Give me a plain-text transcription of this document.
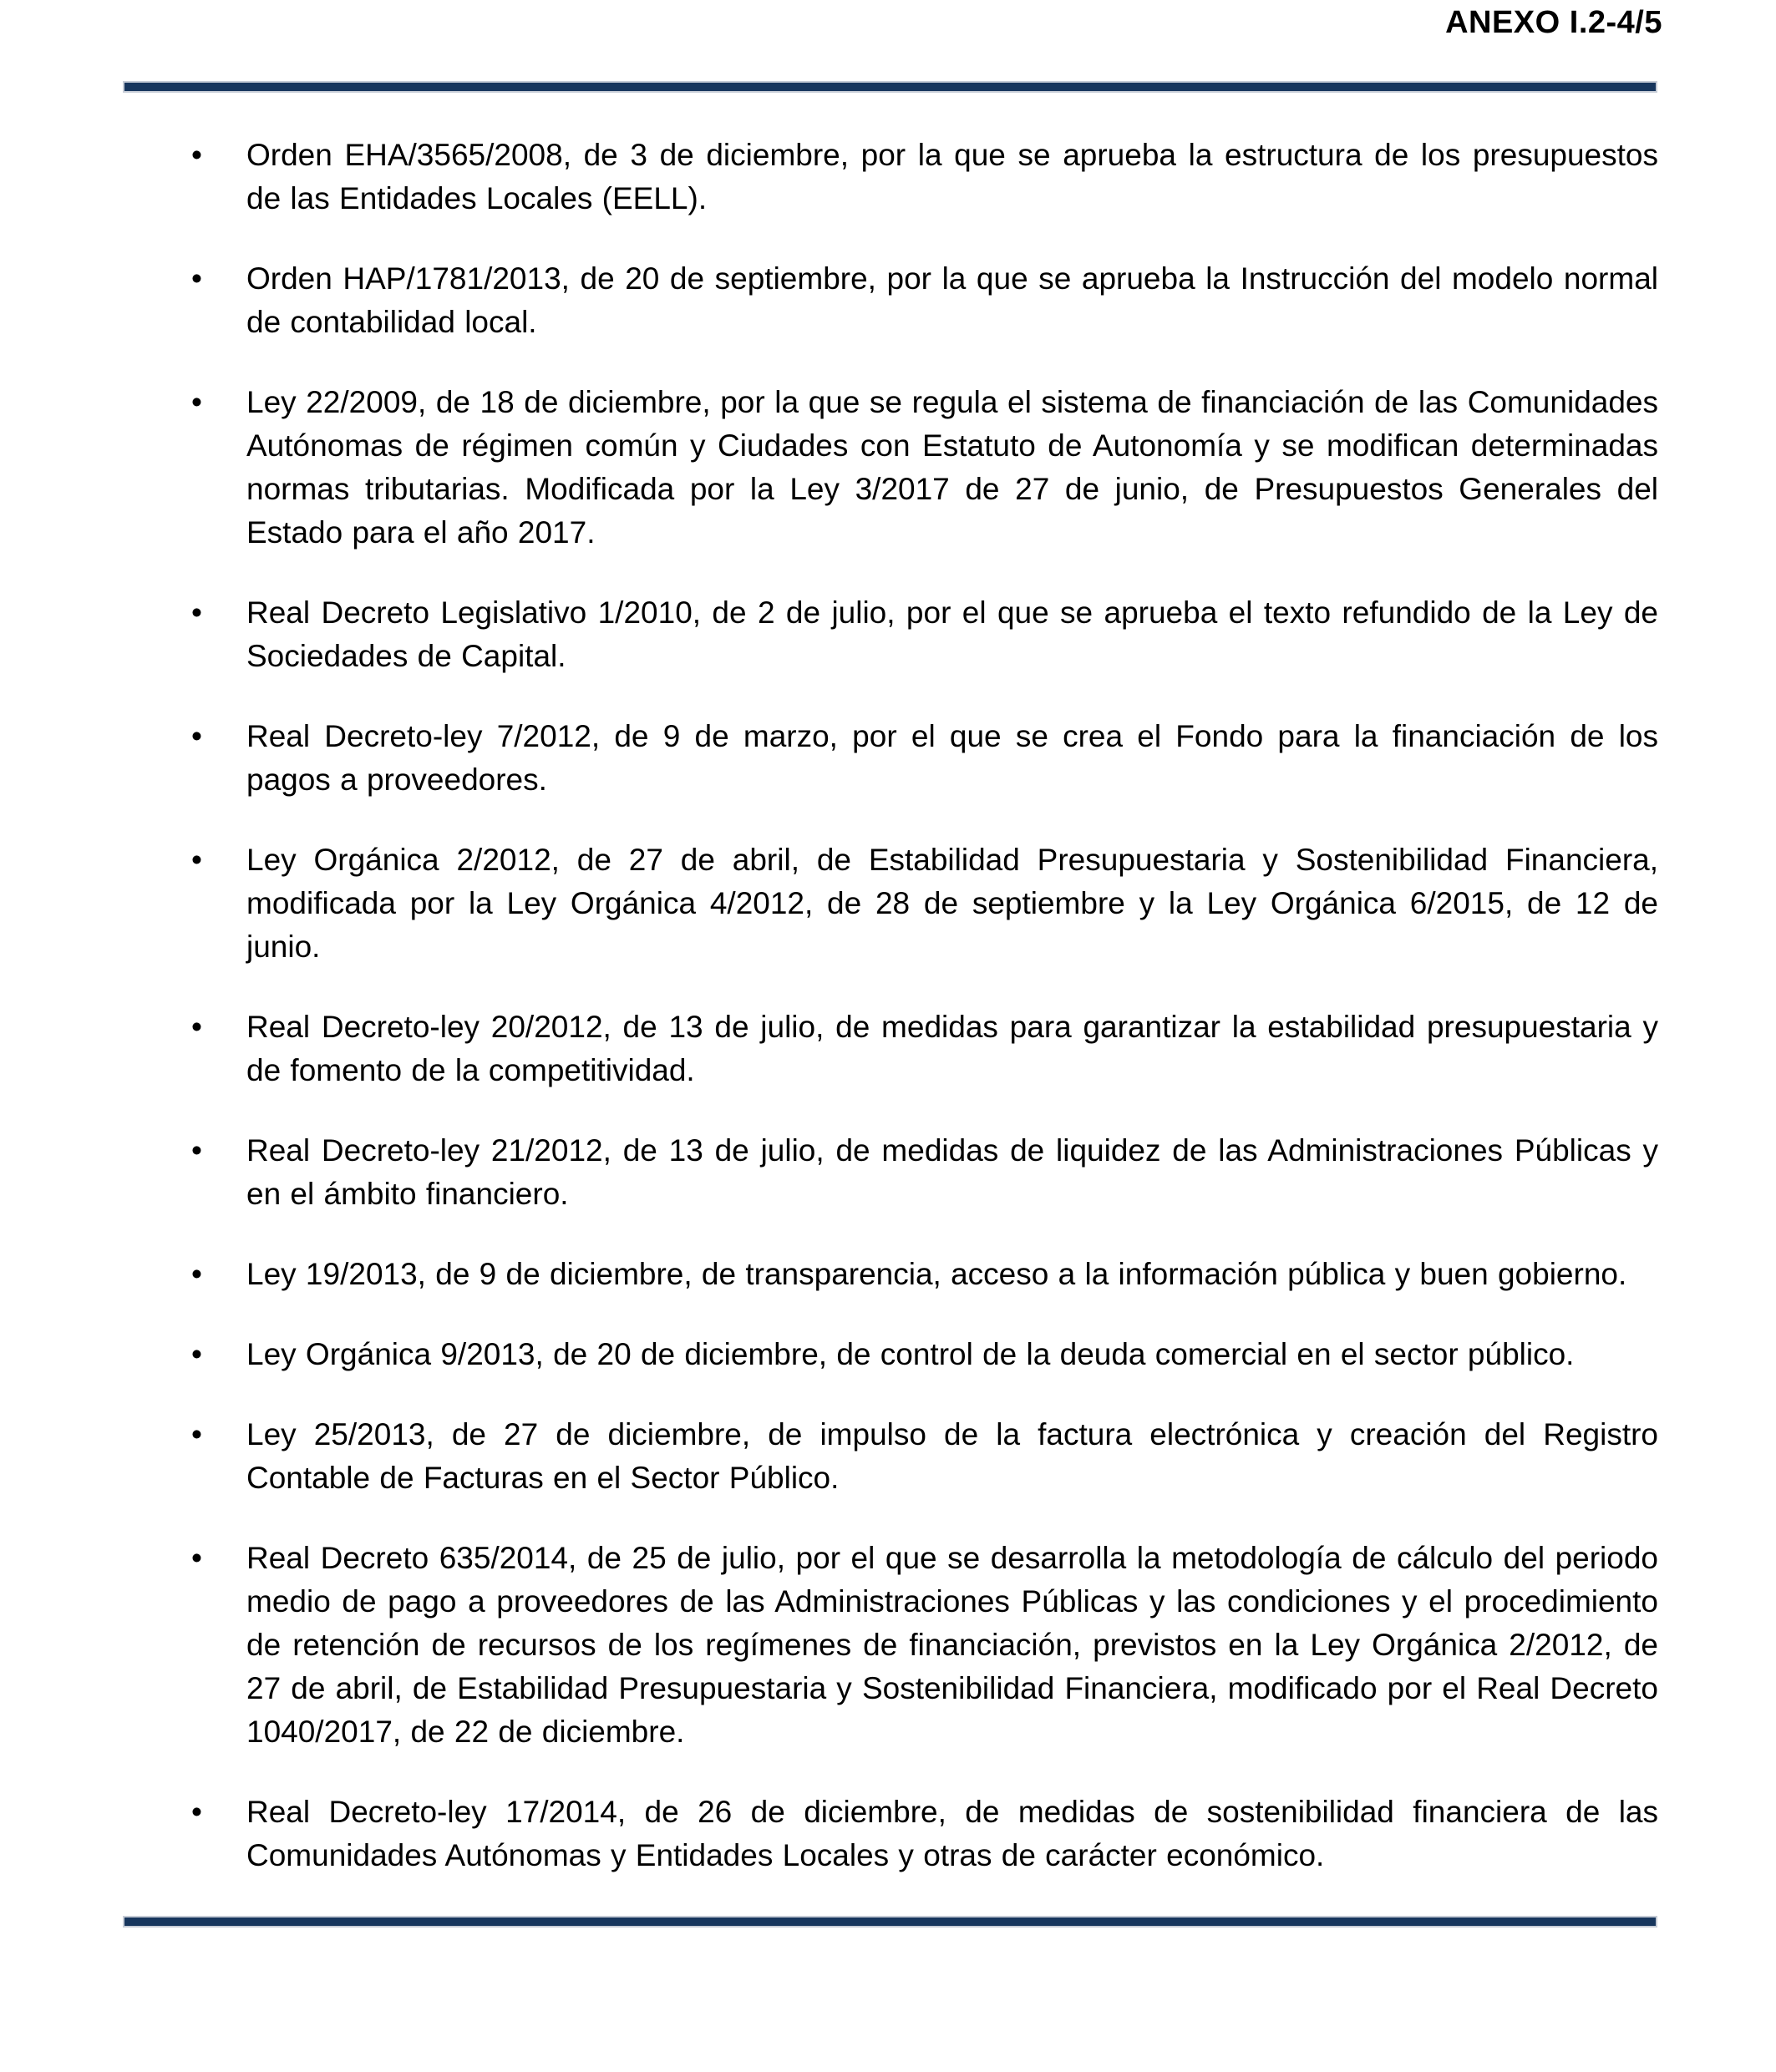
ANEXO I.2-4/5
• Orden EHA/3565/2008, de 3 de diciembre, por la que se aprueba la estructura de los presupuestos de las Entidades Locales (EELL).
• Orden HAP/1781/2013, de 20 de septiembre, por la que se aprueba la Instrucción del modelo normal de contabilidad local.
• Ley 22/2009, de 18 de diciembre, por la que se regula el sistema de financiación de las Comunidades Autónomas de régimen común y Ciudades con Estatuto de Autonomía y se modifican determinadas normas tributarias. Modificada por la Ley 3/2017 de 27 de junio, de Presupuestos Generales del Estado para el año 2017.
• Real Decreto Legislativo 1/2010, de 2 de julio, por el que se aprueba el texto refundido de la Ley de Sociedades de Capital.
• Real Decreto-ley 7/2012, de 9 de marzo, por el que se crea el Fondo para la financiación de los pagos a proveedores.
• Ley Orgánica 2/2012, de 27 de abril, de Estabilidad Presupuestaria y Sostenibilidad Financiera, modificada por la Ley Orgánica 4/2012, de 28 de septiembre y la Ley Orgánica 6/2015, de 12 de junio.
• Real Decreto-ley 20/2012, de 13 de julio, de medidas para garantizar la estabilidad presupuestaria y de fomento de la competitividad.
• Real Decreto-ley 21/2012, de 13 de julio, de medidas de liquidez de las Administraciones Públicas y en el ámbito financiero.
• Ley 19/2013, de 9 de diciembre, de transparencia, acceso a la información pública y buen gobierno.
• Ley Orgánica 9/2013, de 20 de diciembre, de control de la deuda comercial en el sector público.
• Ley 25/2013, de 27 de diciembre, de impulso de la factura electrónica y creación del Registro Contable de Facturas en el Sector Público.
• Real Decreto 635/2014, de 25 de julio, por el que se desarrolla la metodología de cálculo del periodo medio de pago a proveedores de las Administraciones Públicas y las condiciones y el procedimiento de retención de recursos de los regímenes de financiación, previstos en la Ley Orgánica 2/2012, de 27 de abril, de Estabilidad Presupuestaria y Sostenibilidad Financiera, modificado por el Real Decreto 1040/2017, de 22 de diciembre.
• Real Decreto-ley 17/2014, de 26 de diciembre, de medidas de sostenibilidad financiera de las Comunidades Autónomas y Entidades Locales y otras de carácter económico.
